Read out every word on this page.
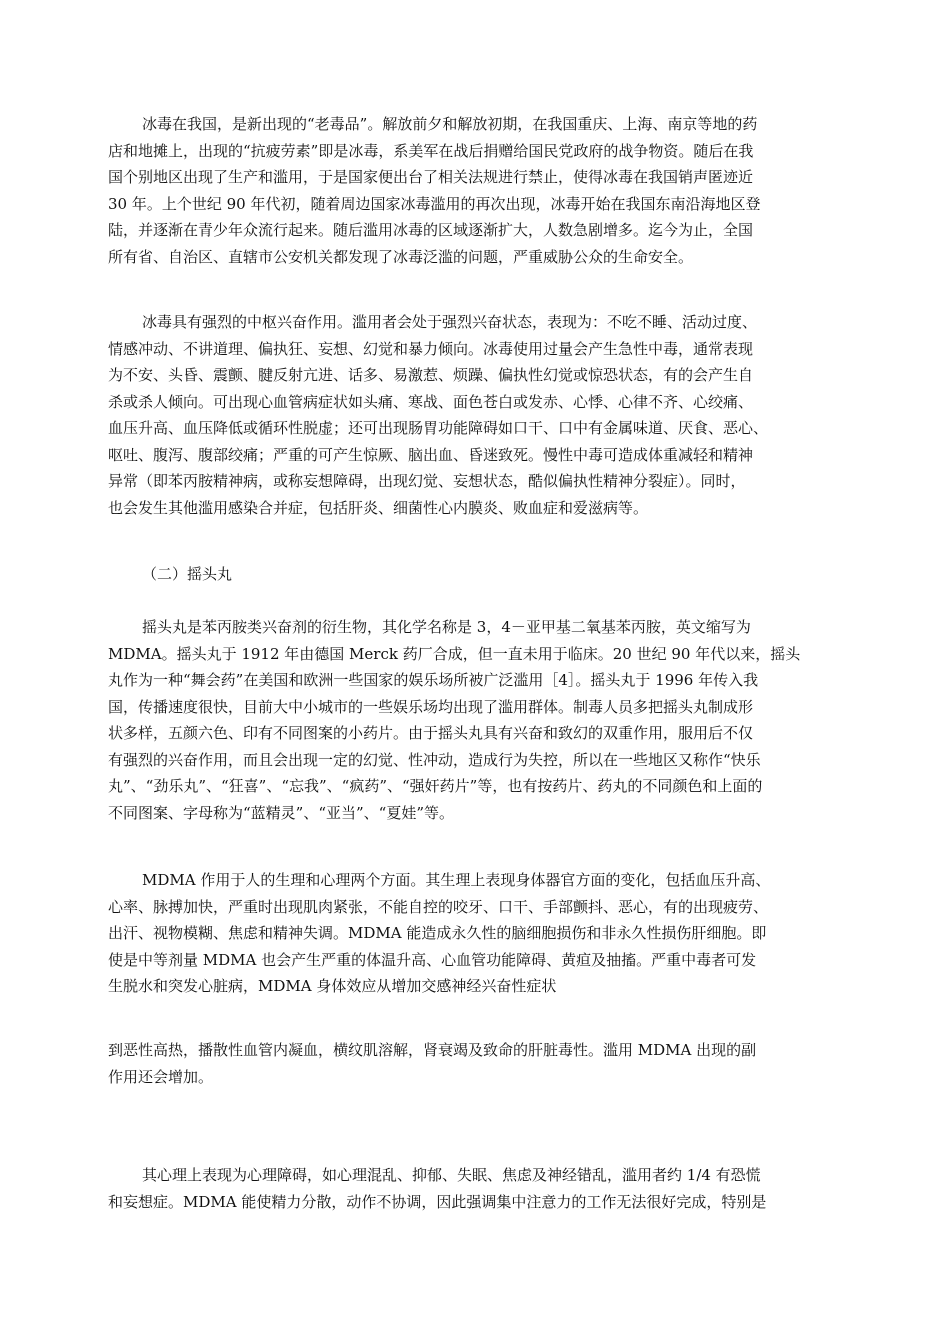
冰毒在我国，是新出现的“老毒品”。解放前夕和解放初期，在我国重庆、上海、南京等地的药
店和地摊上，出现的“抗疲劳素”即是冰毒，系美军在战后捐赠给国民党政府的战争物资。随后在我
国个别地区出现了生产和滥用，于是国家便出台了相关法规进行禁止，使得冰毒在我国销声匿迹近
30 年。上个世纪 90 年代初，随着周边国家冰毒滥用的再次出现，冰毒开始在我国东南沿海地区登
陆，并逐渐在青少年众流行起来。随后滥用冰毒的区域逐渐扩大，人数急剧增多。迄今为止，全国
所有省、自治区、直辖市公安机关都发现了冰毒泛滥的问题，严重威胁公众的生命安全。
冰毒具有强烈的中枢兴奋作用。滥用者会处于强烈兴奋状态，表现为：不吃不睡、活动过度、
情感冲动、不讲道理、偏执狂、妄想、幻觉和暴力倾向。冰毒使用过量会产生急性中毒，通常表现
为不安、头昏、震颤、腱反射亢进、话多、易激惹、烦躁、偏执性幻觉或惊恐状态，有的会产生自
杀或杀人倾向。可出现心血管病症状如头痛、寒战、面色苍白或发赤、心悸、心律不齐、心绞痛、
血压升高、血压降低或循环性脱虚；还可出现肠胃功能障碍如口干、口中有金属味道、厌食、恶心、
呕吐、腹泻、腹部绞痛；严重的可产生惊厥、脑出血、昏迷致死。慢性中毒可造成体重减轻和精神
异常（即苯丙胺精神病，或称妄想障碍，出现幻觉、妄想状态，酷似偏执性精神分裂症）。同时，
也会发生其他滥用感染合并症，包括肝炎、细菌性心内膜炎、败血症和爱滋病等。
（二）摇头丸
摇头丸是苯丙胺类兴奋剂的衍生物，其化学名称是 3，4－亚甲基二氧基苯丙胺，英文缩写为
MDMA。摇头丸于 1912 年由德国 Merck 药厂合成，但一直未用于临床。20 世纪 90 年代以来，摇头
丸作为一种“舞会药”在美国和欧洲一些国家的娱乐场所被广泛滥用［4］。摇头丸于 1996 年传入我
国，传播速度很快，目前大中小城市的一些娱乐场均出现了滥用群体。制毒人员多把摇头丸制成形
状多样，五颜六色、印有不同图案的小药片。由于摇头丸具有兴奋和致幻的双重作用，服用后不仅
有强烈的兴奋作用，而且会出现一定的幻觉、性冲动，造成行为失控，所以在一些地区又称作“快乐
丸”、“劲乐丸”、“狂喜”、“忘我”、“疯药”、“强奸药片”等，也有按药片、药丸的不同颜色和上面的
不同图案、字母称为“蓝精灵”、“亚当”、“夏娃”等。
MDMA 作用于人的生理和心理两个方面。其生理上表现身体器官方面的变化，包括血压升高、
心率、脉搏加快，严重时出现肌肉紧张，不能自控的咬牙、口干、手部颤抖、恶心，有的出现疲劳、
出汗、视物模糊、焦虑和精神失调。MDMA 能造成永久性的脑细胞损伤和非永久性损伤肝细胞。即
使是中等剂量 MDMA 也会产生严重的体温升高、心血管功能障碍、黄疸及抽搐。严重中毒者可发
生脱水和突发心脏病，MDMA 身体效应从增加交感神经兴奋性症状
到恶性高热，播散性血管内凝血，横纹肌溶解，肾衰竭及致命的肝脏毒性。滥用 MDMA 出现的副
作用还会增加。
其心理上表现为心理障碍，如心理混乱、抑郁、失眠、焦虑及神经错乱，滥用者约 1/4 有恐慌
和妄想症。MDMA 能使精力分散，动作不协调，因此强调集中注意力的工作无法很好完成，特别是
